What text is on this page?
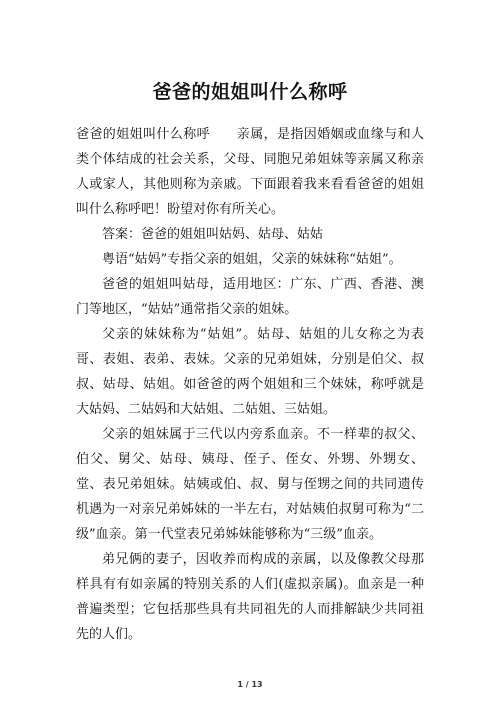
爸爸的姐姐叫什么称呼

爸爸的姐姐叫什么称呼　　亲属，是指因婚姻或血缘与和人类个体结成的社会关系，父母、同胞兄弟姐妹等亲属又称亲人或家人，其他则称为亲戚。下面跟着我来看看爸爸的姐姐叫什么称呼吧！盼望对你有所关心。

答案：爸爸的姐姐叫姑妈、姑母、姑姑

粤语“姑妈”专指父亲的姐姐，父亲的妹妹称“姑姐”。

爸爸的姐姐叫姑母，适用地区：广东、广西、香港、澳门等地区，“姑姑”通常指父亲的姐妹。

父亲的妹妹称为“姑姐”。姑母、姑姐的儿女称之为表哥、表姐、表弟、表妹。父亲的兄弟姐妹，分别是伯父、叔叔、姑母、姑姐。如爸爸的两个姐姐和三个妹妹，称呼就是大姑妈、二姑妈和大姑姐、二姑姐、三姑姐。

父亲的姐妹属于三代以内旁系血亲。不一样辈的叔父、伯父、舅父、姑母、姨母、侄子、侄女、外甥、外甥女、堂、表兄弟姐妹。姑姨或伯、叔、舅与侄甥之间的共同遗传机遇为一对亲兄弟姊妹的一半左右，对姑姨伯叔舅可称为“二级”血亲。第一代堂表兄弟姊妹能够称为“三级”血亲。

弟兄俩的妻子，因收养而构成的亲属，以及像教父母那样具有有如亲属的特别关系的人们(虚拟亲属)。血亲是一种普遍类型；它包括那些具有共同祖先的人而排解缺少共同祖先的人们。

1 / 13
